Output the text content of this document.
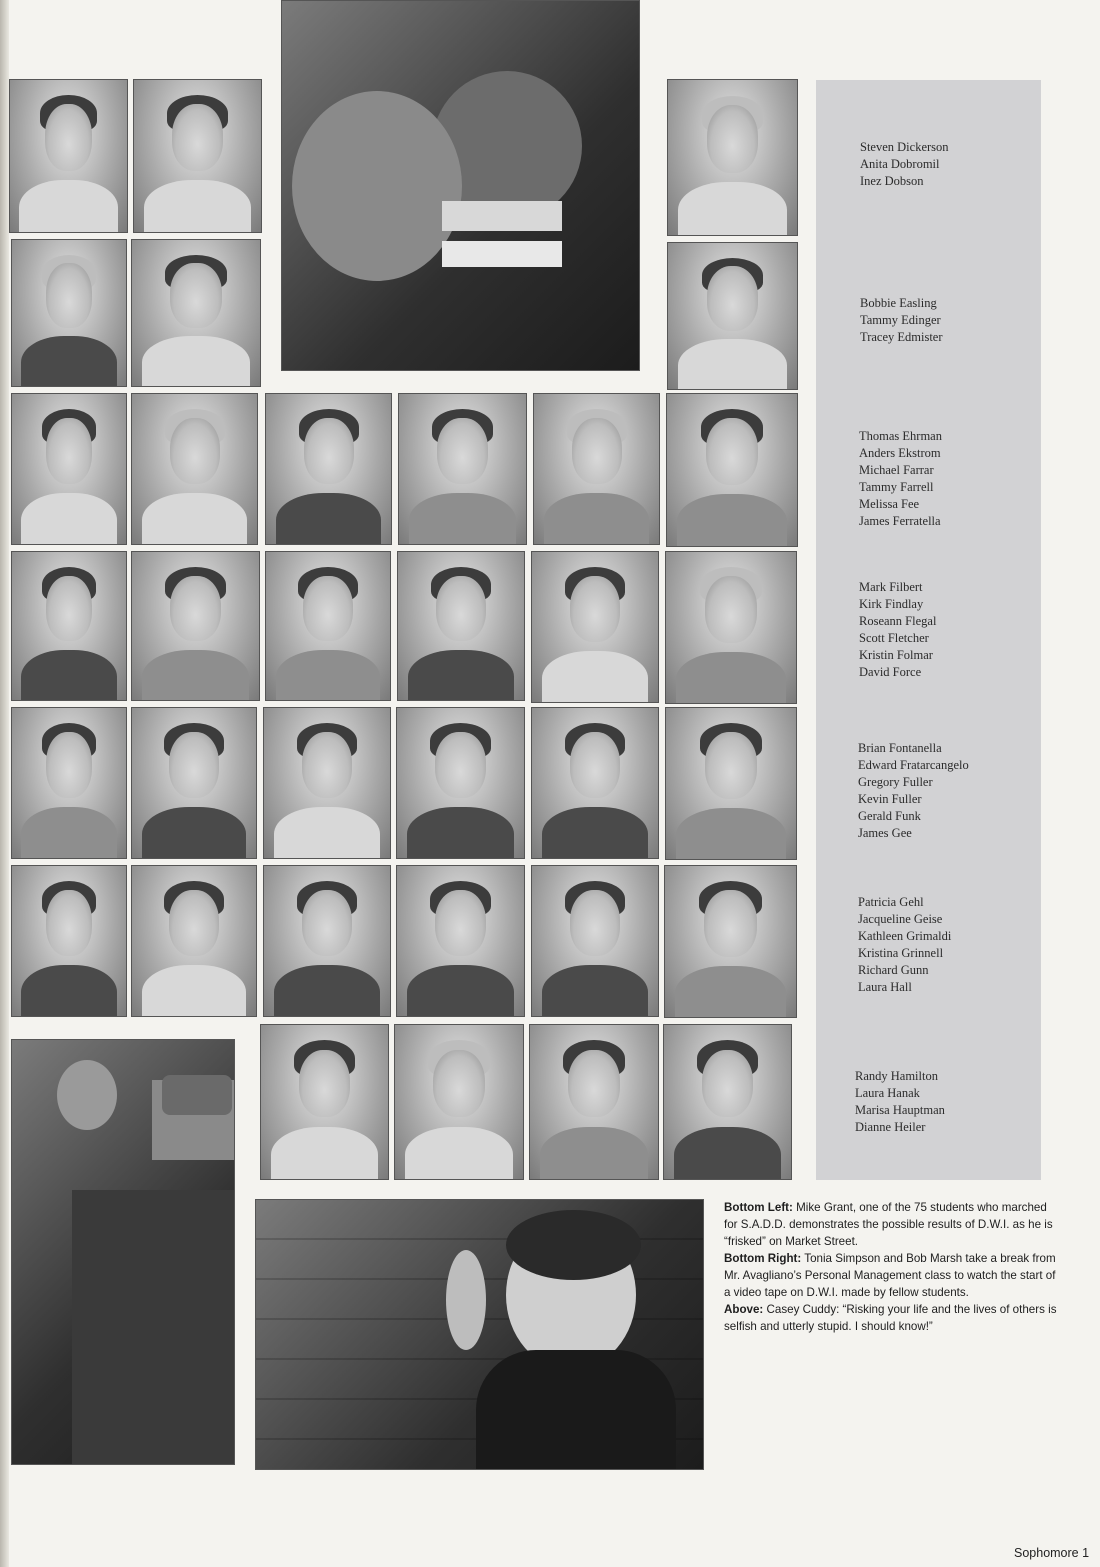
Steven Dickerson
Anita Dobromil
Inez Dobson
Bobbie Easling
Tammy Edinger
Tracey Edmister
Thomas Ehrman
Anders Ekstrom
Michael Farrar
Tammy Farrell
Melissa Fee
James Ferratella
Mark Filbert
Kirk Findlay
Roseann Flegal
Scott Fletcher
Kristin Folmar
David Force
Brian Fontanella
Edward Fratarcangelo
Gregory Fuller
Kevin Fuller
Gerald Funk
James Gee
Patricia Gehl
Jacqueline Geise
Kathleen Grimaldi
Kristina Grinnell
Richard Gunn
Laura Hall
Randy Hamilton
Laura Hanak
Marisa Hauptman
Dianne Heiler
Bottom Left: Mike Grant, one of the 75 students who marched for S.A.D.D. demonstrates the possible results of D.W.I. as he is “frisked” on Market Street.
Bottom Right: Tonia Simpson and Bob Marsh take a break from Mr. Avagliano’s Personal Management class to watch the start of a video tape on D.W.I. made by fellow students.
Above: Casey Cuddy: “Risking your life and the lives of others is selfish and utterly stupid. I should know!”
Sophomore 1
